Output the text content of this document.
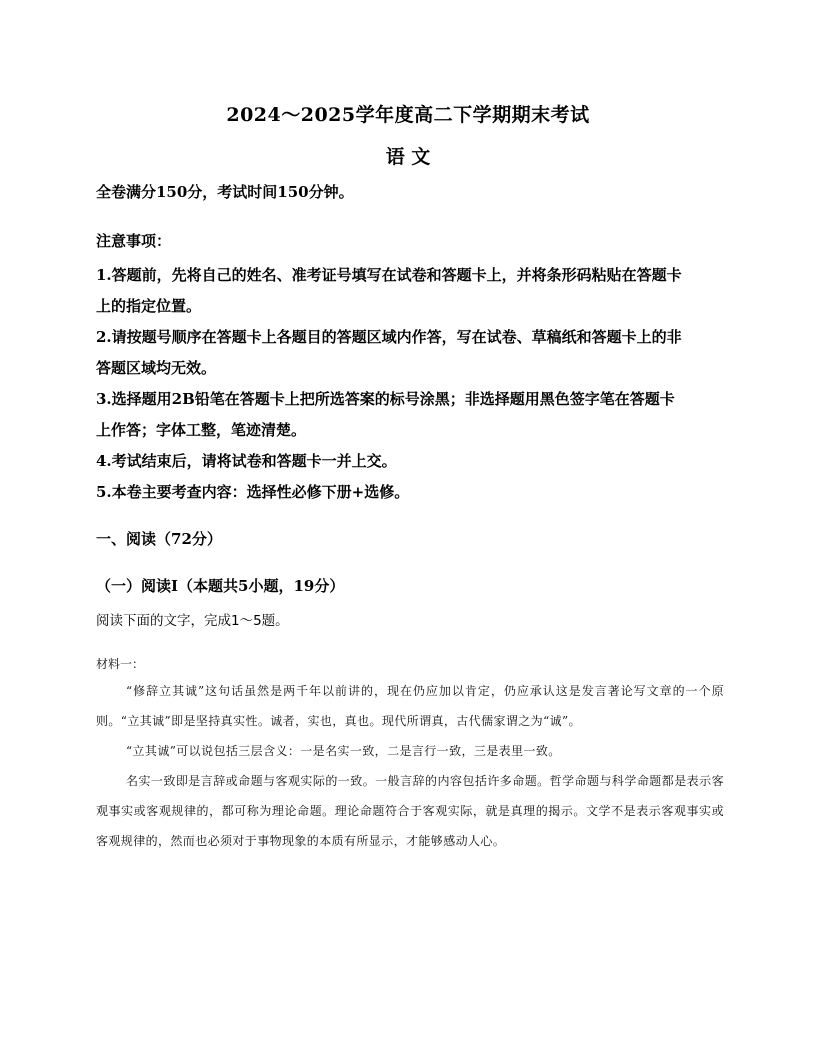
2024～2025学年度高二下学期期末考试
语 文
全卷满分150分，考试时间150分钟。
注意事项：
1.答题前，先将自己的姓名、准考证号填写在试卷和答题卡上，并将条形码粘贴在答题卡
上的指定位置。
2.请按题号顺序在答题卡上各题目的答题区域内作答，写在试卷、草稿纸和答题卡上的非
答题区域均无效。
3.选择题用2B铅笔在答题卡上把所选答案的标号涂黑；非选择题用黑色签字笔在答题卡
上作答；字体工整，笔迹清楚。
4.考试结束后，请将试卷和答题卡一并上交。
5.本卷主要考查内容：选择性必修下册+选修。
一、阅读（72分）
（一）阅读Ⅰ（本题共5小题，19分）
阅读下面的文字，完成1～5题。
材料一：

“修辞立其诚”这句话虽然是两千年以前讲的，现在仍应加以肯定，仍应承认这是发言著论写文章的一个原则。“立其诚”即是坚持真实性。诚者，实也，真也。现代所谓真，古代儒家谓之为“诚”。

“立其诚”可以说包括三层含义：一是名实一致，二是言行一致，三是表里一致。

名实一致即是言辞或命题与客观实际的一致。一般言辞的内容包括许多命题。哲学命题与科学命题都是表示客观事实或客观规律的，都可称为理论命题。理论命题符合于客观实际，就是真理的揭示。文学不是表示客观事实或客观规律的，然而也必须对于事物现象的本质有所显示，才能够感动人心。
